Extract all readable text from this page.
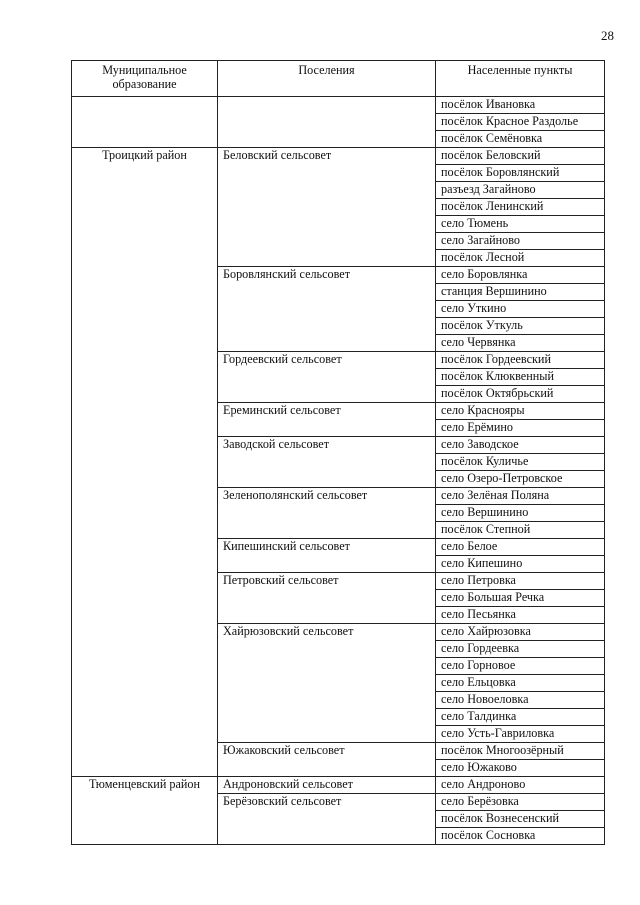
28
Муниципальное образование	Поселения	Населенные пункты
		посёлок Ивановка
		посёлок Красное Раздолье
		посёлок Семёновка
Троицкий район	Беловский сельсовет	посёлок Беловский
		посёлок Боровлянский
		разъезд Загайново
		посёлок Ленинский
		село Тюмень
		село Загайново
		посёлок Лесной
	Боровлянский сельсовет	село Боровлянка
		станция Вершинино
		село Уткино
		посёлок Уткуль
		село Червянка
	Гордеевский сельсовет	посёлок Гордеевский
		посёлок Клюквенный
		посёлок Октябрьский
	Ереминский сельсовет	село Краснояры
		село Ерёмино
	Заводской сельсовет	село Заводское
		посёлок Куличье
		село Озеро-Петровское
	Зеленополянский сельсовет	село Зелёная Поляна
		село Вершинино
		посёлок Степной
	Кипешинский сельсовет	село Белое
		село Кипешино
	Петровский сельсовет	село Петровка
		село Большая Речка
		село Песьянка
	Хайрюзовский сельсовет	село Хайрюзовка
		село Гордеевка
		село Горновое
		село Ельцовка
		село Новоеловка
		село Талдинка
		село Усть-Гавриловка
	Южаковский сельсовет	посёлок Многоозёрный
		село Южаково
Тюменцевский район	Андроновский сельсовет	село Андроново
	Берёзовский сельсовет	село Берёзовка
		посёлок Вознесенский
		посёлок Сосновка
